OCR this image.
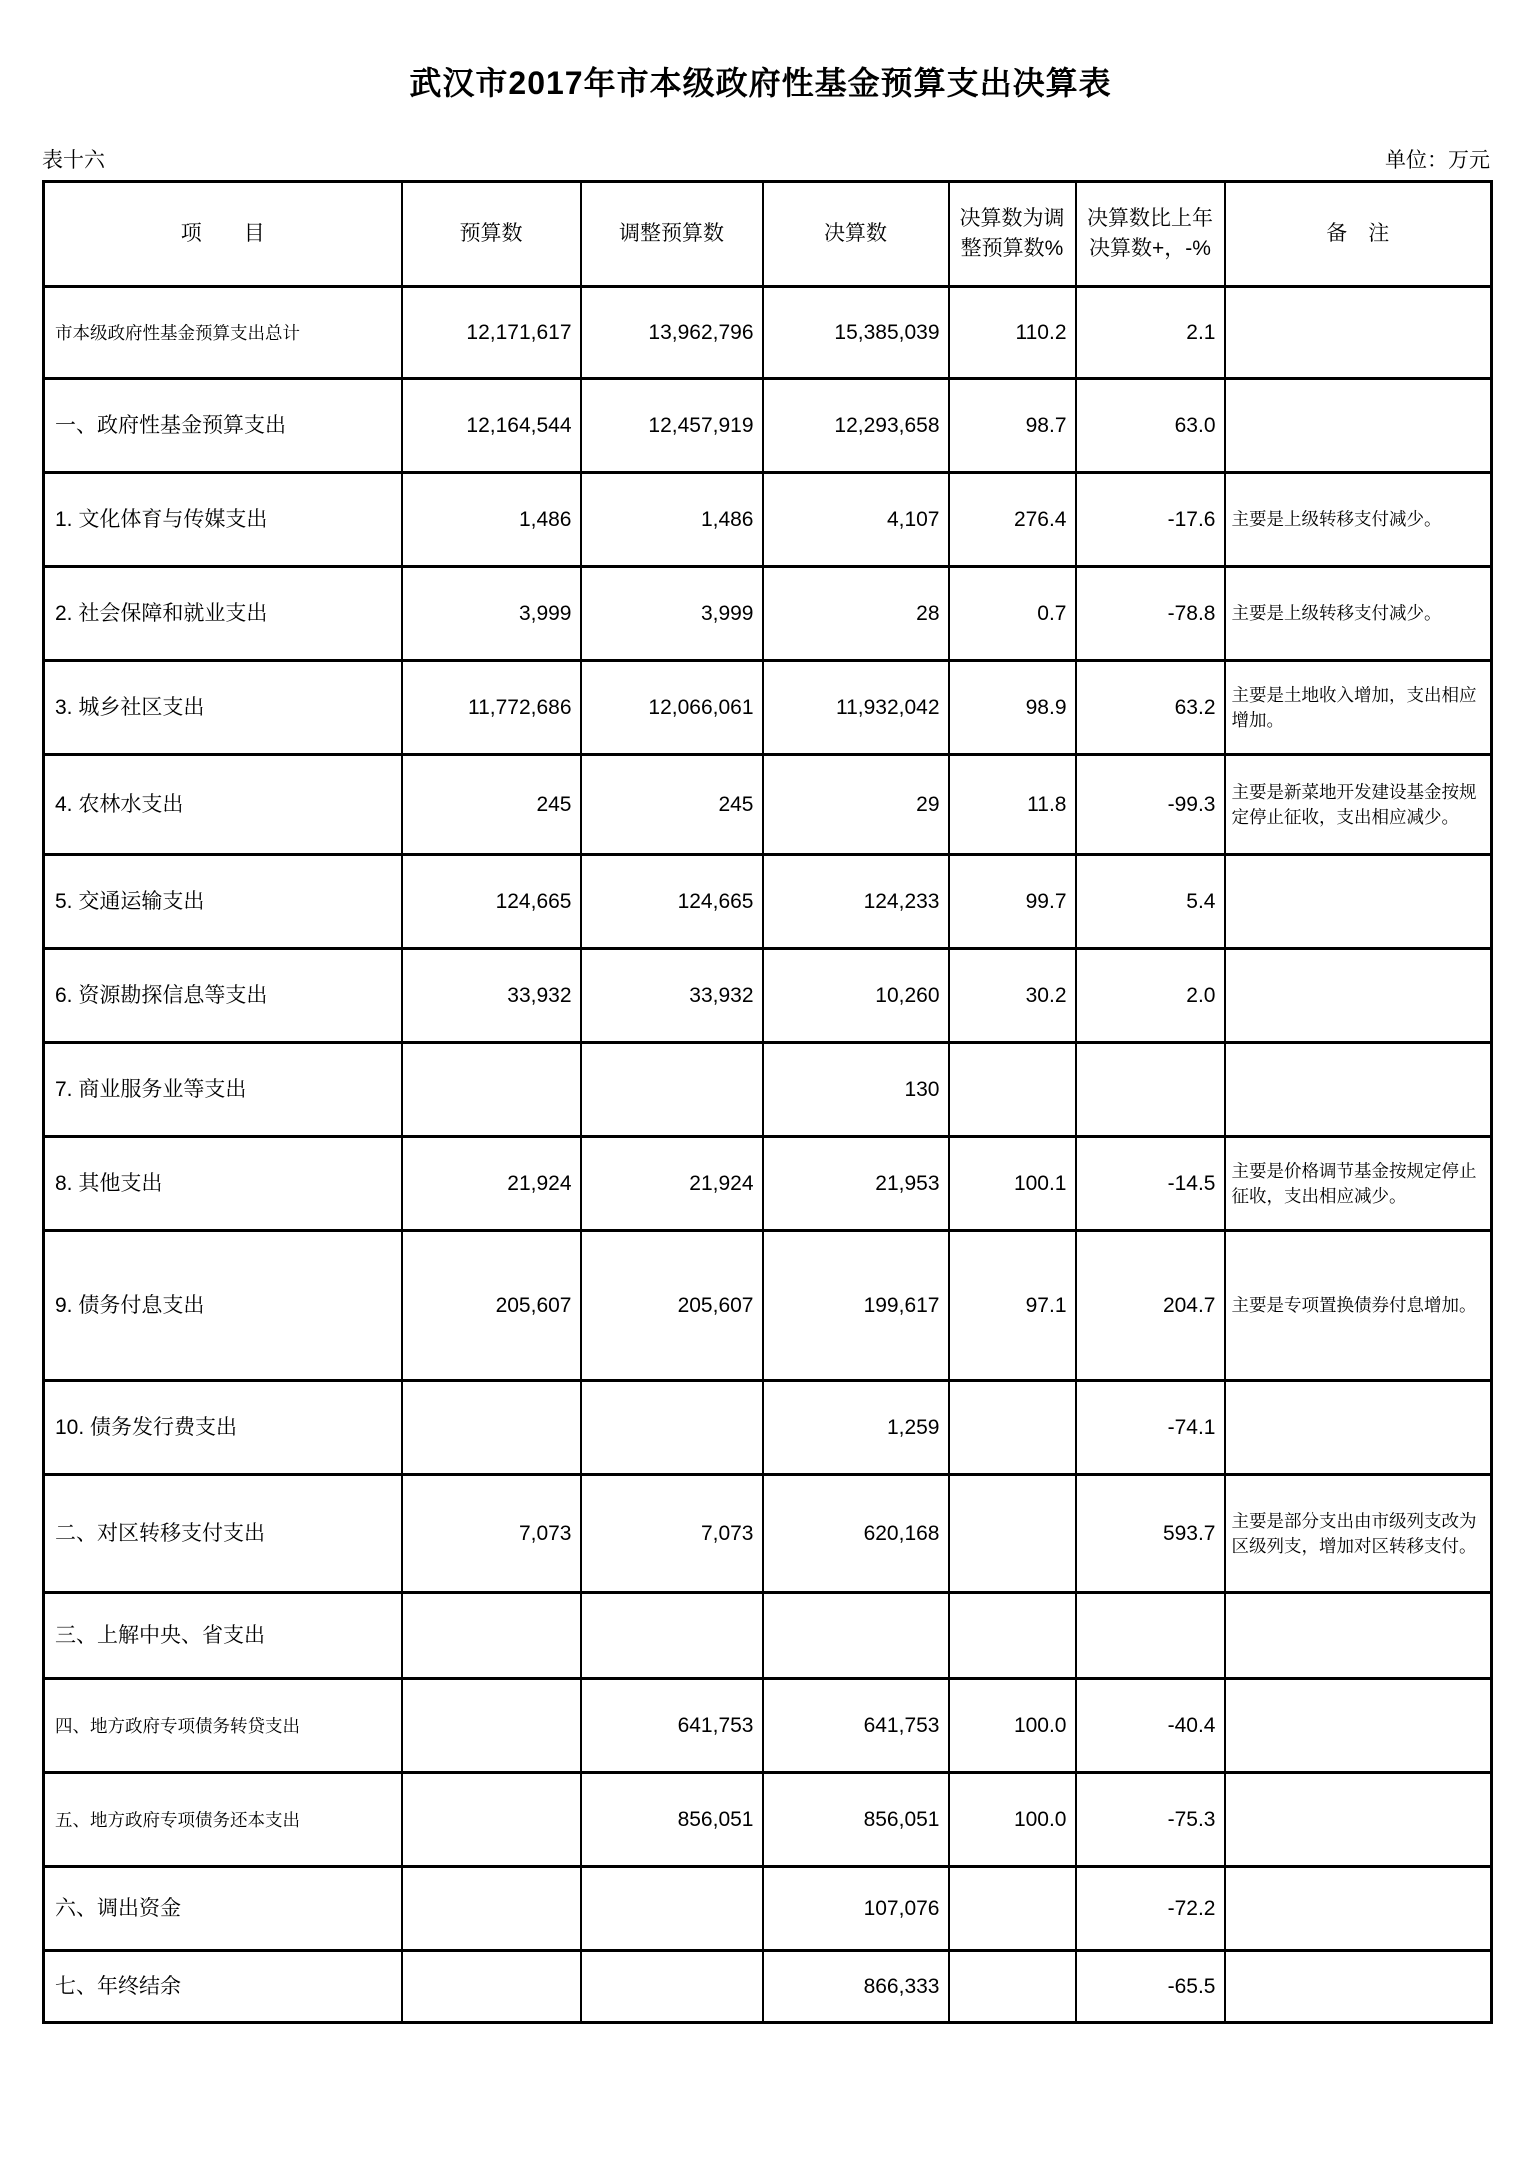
武汉市2017年市本级政府性基金预算支出决算表
表十六	单位：万元
项　　目	预算数	调整预算数	决算数	决算数为调整预算数%	决算数比上年决算数+，-%	备　注
市本级政府性基金预算支出总计	12,171,617	13,962,796	15,385,039	110.2	2.1	
一、政府性基金预算支出	12,164,544	12,457,919	12,293,658	98.7	63.0	
1. 文化体育与传媒支出	1,486	1,486	4,107	276.4	-17.6	主要是上级转移支付减少。
2. 社会保障和就业支出	3,999	3,999	28	0.7	-78.8	主要是上级转移支付减少。
3. 城乡社区支出	11,772,686	12,066,061	11,932,042	98.9	63.2	主要是土地收入增加，支出相应增加。
4. 农林水支出	245	245	29	11.8	-99.3	主要是新菜地开发建设基金按规定停止征收，支出相应减少。
5. 交通运输支出	124,665	124,665	124,233	99.7	5.4	
6. 资源勘探信息等支出	33,932	33,932	10,260	30.2	2.0	
7. 商业服务业等支出			130			
8. 其他支出	21,924	21,924	21,953	100.1	-14.5	主要是价格调节基金按规定停止征收，支出相应减少。
9. 债务付息支出	205,607	205,607	199,617	97.1	204.7	主要是专项置换债券付息增加。
10. 债务发行费支出			1,259		-74.1	
二、对区转移支付支出	7,073	7,073	620,168		593.7	主要是部分支出由市级列支改为区级列支，增加对区转移支付。
三、上解中央、省支出						
四、地方政府专项债务转贷支出		641,753	641,753	100.0	-40.4	
五、地方政府专项债务还本支出		856,051	856,051	100.0	-75.3	
六、调出资金			107,076		-72.2	
七、年终结余			866,333		-65.5	
